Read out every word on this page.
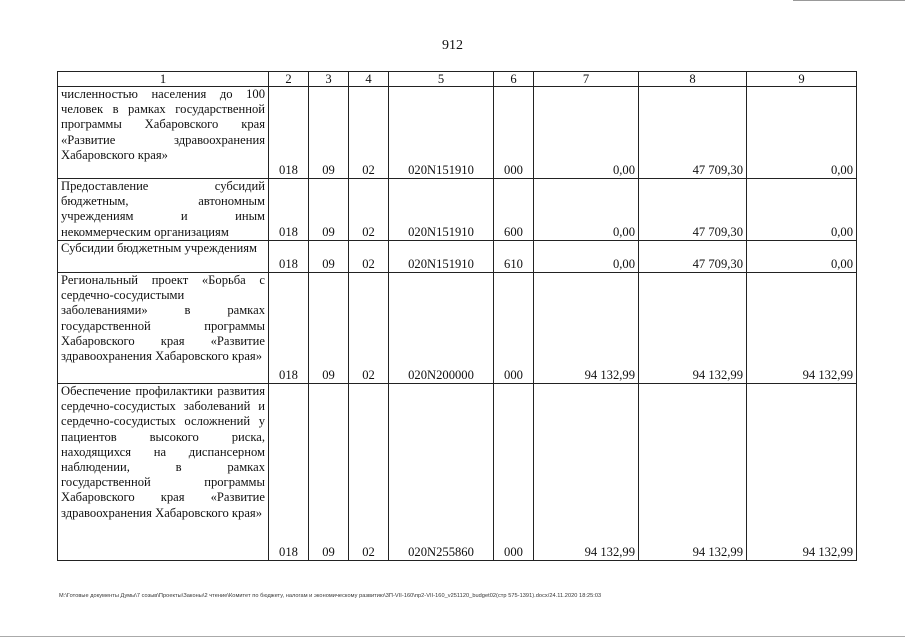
912
1	2	3	4	5	6	7	8	9
численностью населения до 100 человек в рамках государственной программы Хабаровского края «Развитие здравоохранения Хабаровского края»	018	09	02	020N151910	000	0,00	47 709,30	0,00
Предоставление субсидий бюджетным, автономным учреждениям и иным некоммерческим организациям	018	09	02	020N151910	600	0,00	47 709,30	0,00
Субсидии бюджетным учреждениям	018	09	02	020N151910	610	0,00	47 709,30	0,00
Региональный проект «Борьба с сердечно-сосудистыми заболеваниями» в рамках государственной программы Хабаровского края «Развитие здравоохранения Хабаровского края»	018	09	02	020N200000	000	94 132,99	94 132,99	94 132,99
Обеспечение профилактики развития сердечно-сосудистых заболеваний и сердечно-сосудистых осложнений у пациентов высокого риска, находящихся на диспансерном наблюдении, в рамках государственной программы Хабаровского края «Развитие здравоохранения Хабаровского края»	018	09	02	020N255860	000	94 132,99	94 132,99	94 132,99
M:\Готовые документы Думы\7 созыв\Проекты\Законы\2 чтение\Комитет по бюджету, налогам и экономическому развитию\3П-VII-160\пр2-VII-160_v251120_budget02(стр 575-1391).docx/24.11.2020 18:25:03
